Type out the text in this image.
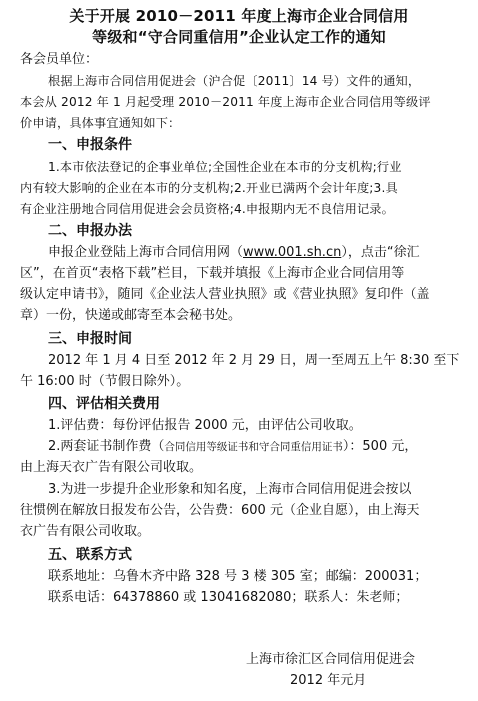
关于开展 2010－2011 年度上海市企业合同信用
等级和“守合同重信用”企业认定工作的通知
各会员单位：
根据上海市合同信用促进会（沪合促〔2011〕14 号）文件的通知，
本会从 2012 年 1 月起受理 2010－2011 年度上海市企业合同信用等级评
价申请，具体事宜通知如下：
一、申报条件
1.本市依法登记的企事业单位;全国性企业在本市的分支机构;行业
内有较大影响的企业在本市的分支机构;2.开业已满两个会计年度;3.具
有企业注册地合同信用促进会会员资格;4.申报期内无不良信用记录。
二、申报办法
申报企业登陆上海市合同信用网（www.001.sh.cn），点击“徐汇
区”，在首页“表格下载”栏目，下载并填报《上海市企业合同信用等
级认定申请书》，随同《企业法人营业执照》或《营业执照》复印件（盖
章）一份，快递或邮寄至本会秘书处。
三、申报时间
2012 年 1 月 4 日至 2012 年 2 月 29 日，周一至周五上午 8:30 至下
午 16:00 时（节假日除外）。
四、评估相关费用
1.评估费：每份评估报告 2000 元，由评估公司收取。
2.两套证书制作费（合同信用等级证书和守合同重信用证书）：500 元，
由上海天衣广告有限公司收取。
3.为进一步提升企业形象和知名度，上海市合同信用促进会按以
往惯例在解放日报发布公告，公告费：600 元（企业自愿），由上海天
衣广告有限公司收取。
五、联系方式
联系地址：乌鲁木齐中路 328 号 3 楼 305 室；邮编：200031；
联系电话：64378860 或 13041682080；联系人：朱老师；
上海市徐汇区合同信用促进会
2012 年元月
